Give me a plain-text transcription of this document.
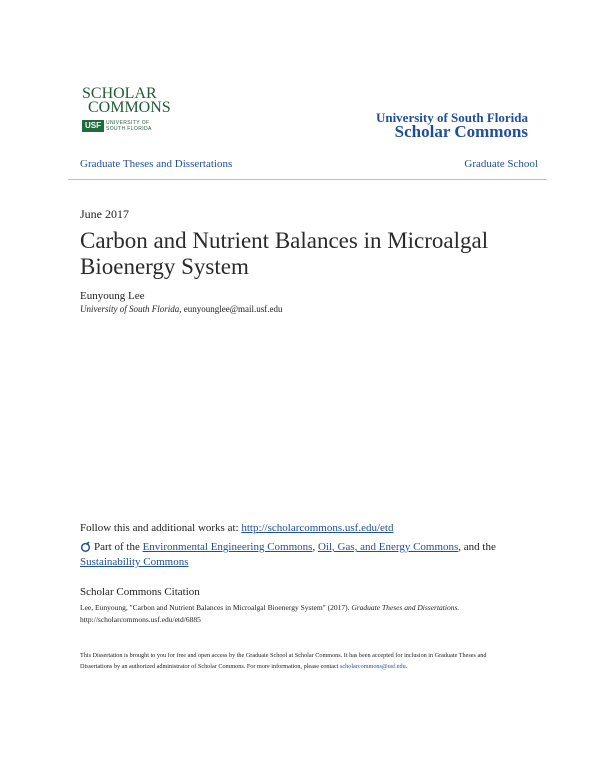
SCHOLAR
COMMONS
USF	UNIVERSITY OF SOUTH FLORIDA
University of South Florida
Scholar Commons
Graduate Theses and Dissertations	Graduate School
June 2017
Carbon and Nutrient Balances in Microalgal Bioenergy System
Eunyoung Lee
University of South Florida, eunyounglee@mail.usf.edu
Follow this and additional works at: http://scholarcommons.usf.edu/etd
Part of the Environmental Engineering Commons, Oil, Gas, and Energy Commons, and the Sustainability Commons
Scholar Commons Citation
Lee, Eunyoung, "Carbon and Nutrient Balances in Microalgal Bioenergy System" (2017). Graduate Theses and Dissertations.
http://scholarcommons.usf.edu/etd/6885
This Dissertation is brought to you for free and open access by the Graduate School at Scholar Commons. It has been accepted for inclusion in Graduate Theses and Dissertations by an authorized administrator of Scholar Commons. For more information, please contact scholarcommons@usf.edu.
